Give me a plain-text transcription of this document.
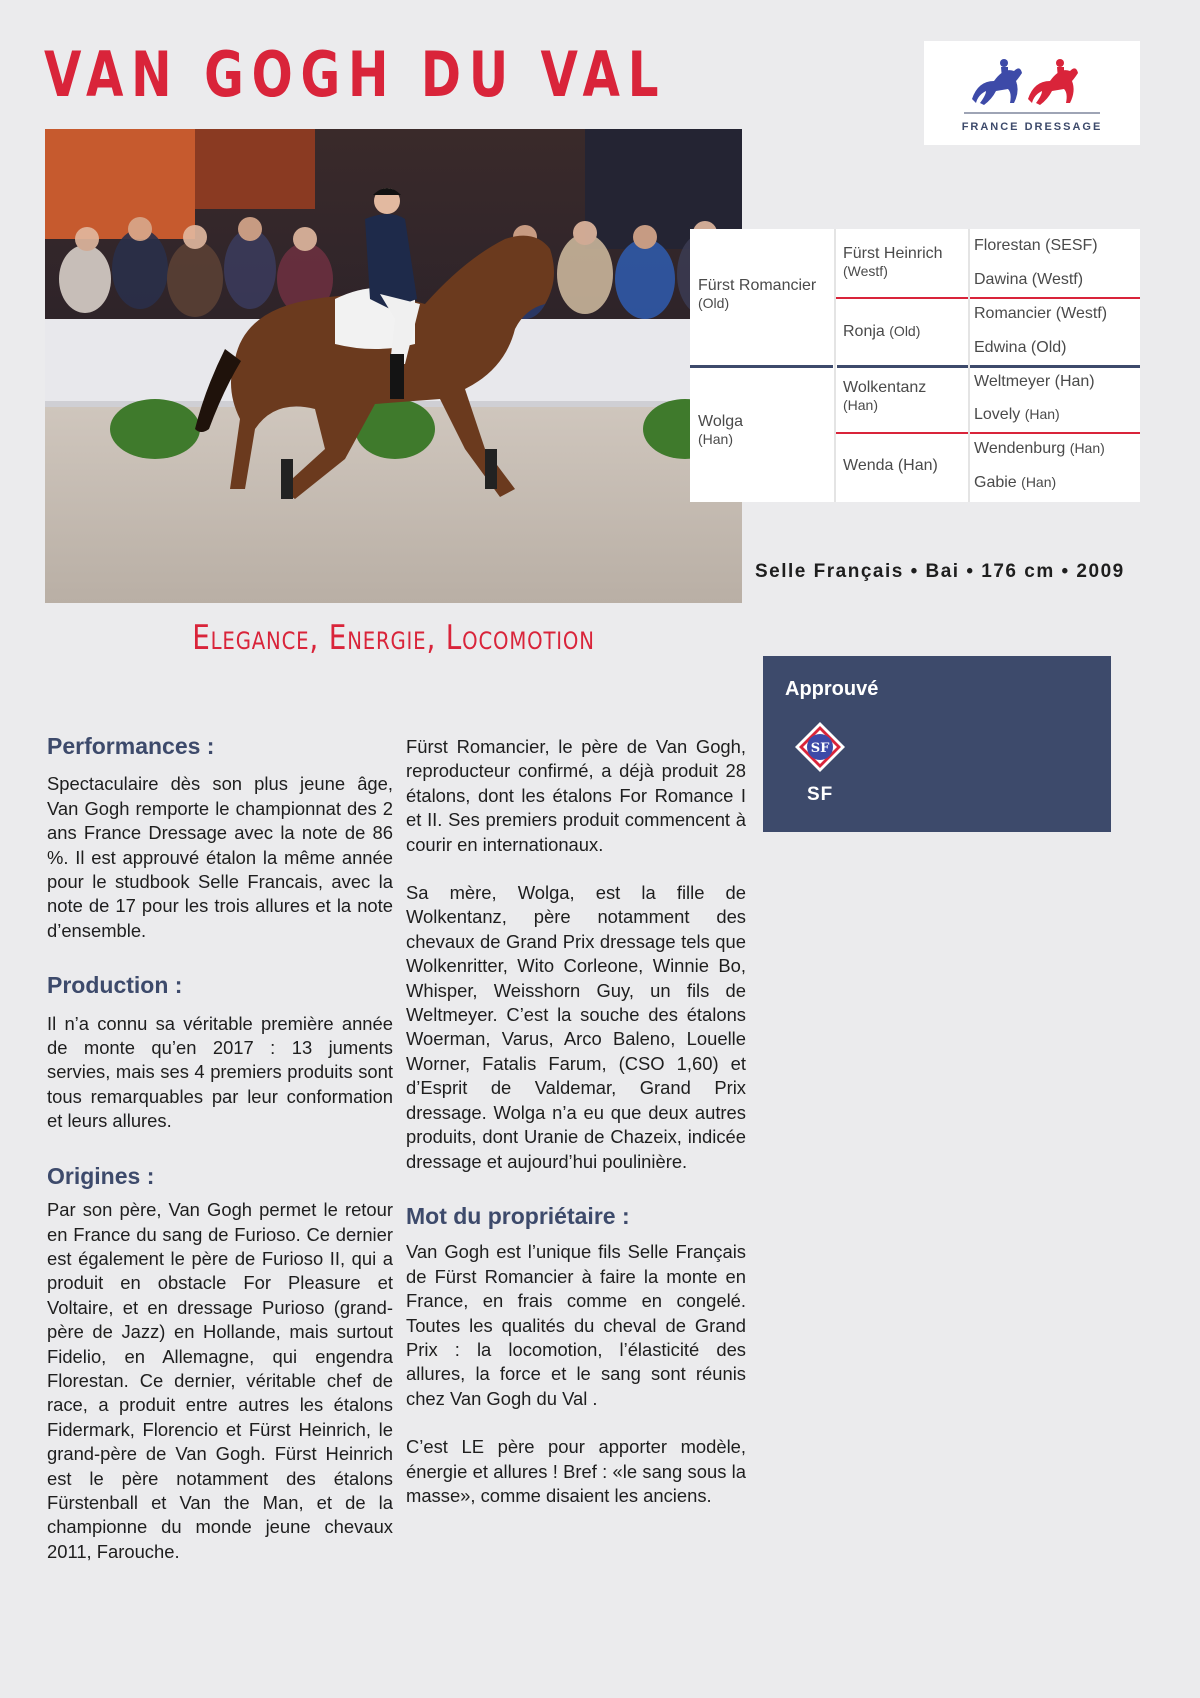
VAN GOGH DU VAL
FRANCE DRESSAGE
Fürst Romancier
(Old)
Wolga
(Han)
Fürst Heinrich
(Westf)
Ronja (Old)
Wolkentanz
(Han)
Wenda (Han)
Florestan (SESF)
Dawina (Westf)
Romancier (Westf)
Edwina (Old)
Weltmeyer (Han)
Lovely (Han)
Wendenburg (Han)
Gabie (Han)
Selle Français • Bai • 176 cm • 2009
Elegance, Energie, Locomotion
Approuvé
SF
SF

Performances :

Spectaculaire dès son plus jeune âge, Van Gogh remporte le championnat des 2 ans France Dressage avec la note de 86 %. Il est approuvé étalon la même année pour le studbook Selle Francais, avec la note de 17 pour les trois allures et la note d’ensemble.

Production :

Il n’a connu sa véritable première année de monte qu’en 2017 : 13 juments servies, mais ses 4 premiers produits sont tous remarquables par leur conformation et leurs allures.

Origines :

Par son père, Van Gogh permet le retour en France du sang de Furioso. Ce dernier est également le père de Furioso II, qui a produit en obstacle For Pleasure et Voltaire, et en dressage Purioso (grand-père de Jazz) en Hollande, mais surtout Fidelio, en Allemagne, qui engendra Florestan. Ce dernier, véritable chef de race, a produit entre autres les étalons Fidermark, Florencio et Fürst Heinrich, le grand-père de Van Gogh. Fürst Heinrich est le père notamment des étalons Fürstenball et Van the Man, et de la championne du monde jeune chevaux 2011, Farouche.

Fürst Romancier, le père de Van Gogh, reproducteur confirmé, a déjà produit 28 étalons, dont les étalons For Romance I et II. Ses premiers produit commencent à courir en internationaux.

Sa mère, Wolga, est la fille de Wolkentanz, père notamment des chevaux de Grand Prix dressage tels que Wolkenritter, Wito Corleone, Winnie Bo, Whisper, Weisshorn Guy, un fils de Weltmeyer. C’est la souche des étalons Woerman, Varus, Arco Baleno, Louelle Worner, Fatalis Farum, (CSO 1,60) et d’Esprit de Valdemar, Grand Prix dressage. Wolga n’a eu que deux autres produits, dont Uranie de Chazeix, indicée dressage et aujourd’hui poulinière.

Mot du propriétaire :

Van Gogh est l’unique fils Selle Français de Fürst Romancier à faire la monte en France, en frais comme en congelé. Toutes les qualités du cheval de Grand Prix : la locomotion, l’élasticité des allures, la force et le sang sont réunis chez Van Gogh du Val .

C’est LE père pour apporter modèle, énergie et allures ! Bref : «le sang sous la masse», comme disaient les anciens.
